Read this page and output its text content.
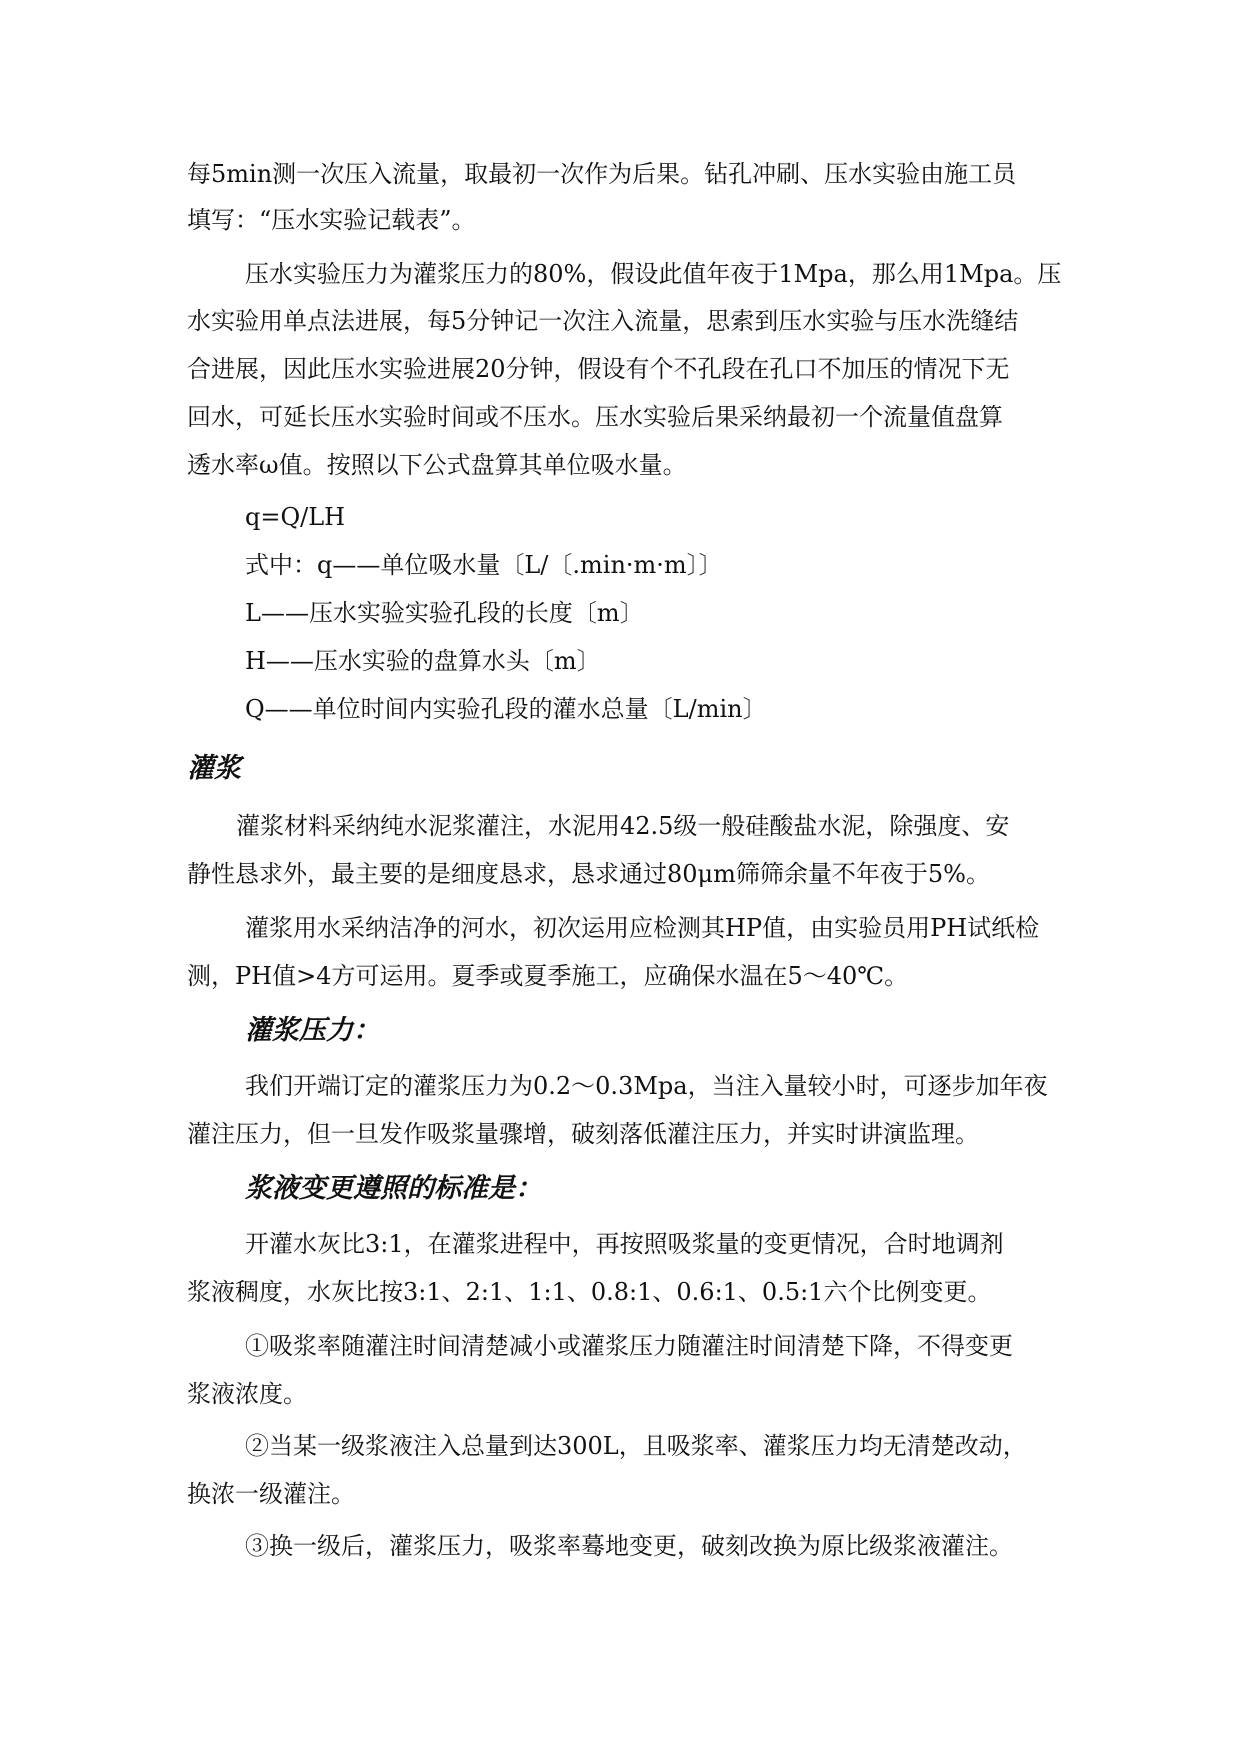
每5min测一次压入流量，取最初一次作为后果。钻孔冲刷、压水实验由施工员
填写：“压水实验记载表”。
压水实验压力为灌浆压力的80%，假设此值年夜于1Mpa，那么用1Mpa。压
水实验用单点法进展，每5分钟记一次注入流量，思索到压水实验与压水洗缝结
合进展，因此压水实验进展20分钟，假设有个不孔段在孔口不加压的情况下无
回水，可延长压水实验时间或不压水。压水实验后果采纳最初一个流量值盘算
透水率ω值。按照以下公式盘算其单位吸水量。
q=Q/LH
式中：q——单位吸水量〔L/〔.min·m·m〕〕
L——压水实验实验孔段的长度〔m〕
H——压水实验的盘算水头〔m〕
Q——单位时间内实验孔段的灌水总量〔L/min〕
灌浆
灌浆材料采纳纯水泥浆灌注，水泥用42.5级一般硅酸盐水泥，除强度、安
静性恳求外，最主要的是细度恳求，恳求通过80μm筛筛余量不年夜于5%。
灌浆用水采纳洁净的河水，初次运用应检测其HP值，由实验员用PH试纸检
测，PH值>4方可运用。夏季或夏季施工，应确保水温在5～40℃。
灌浆压力：
我们开端订定的灌浆压力为0.2～0.3Mpa，当注入量较小时，可逐步加年夜
灌注压力，但一旦发作吸浆量骤增，破刻落低灌注压力，并实时讲演监理。
浆液变更遵照的标准是：
开灌水灰比3:1，在灌浆进程中，再按照吸浆量的变更情况，合时地调剂
浆液稠度，水灰比按3:1、2:1、1:1、0.8:1、0.6:1、0.5:1六个比例变更。
①吸浆率随灌注时间清楚减小或灌浆压力随灌注时间清楚下降，不得变更
浆液浓度。
②当某一级浆液注入总量到达300L，且吸浆率、灌浆压力均无清楚改动，
换浓一级灌注。
③换一级后，灌浆压力，吸浆率蓦地变更，破刻改换为原比级浆液灌注。
